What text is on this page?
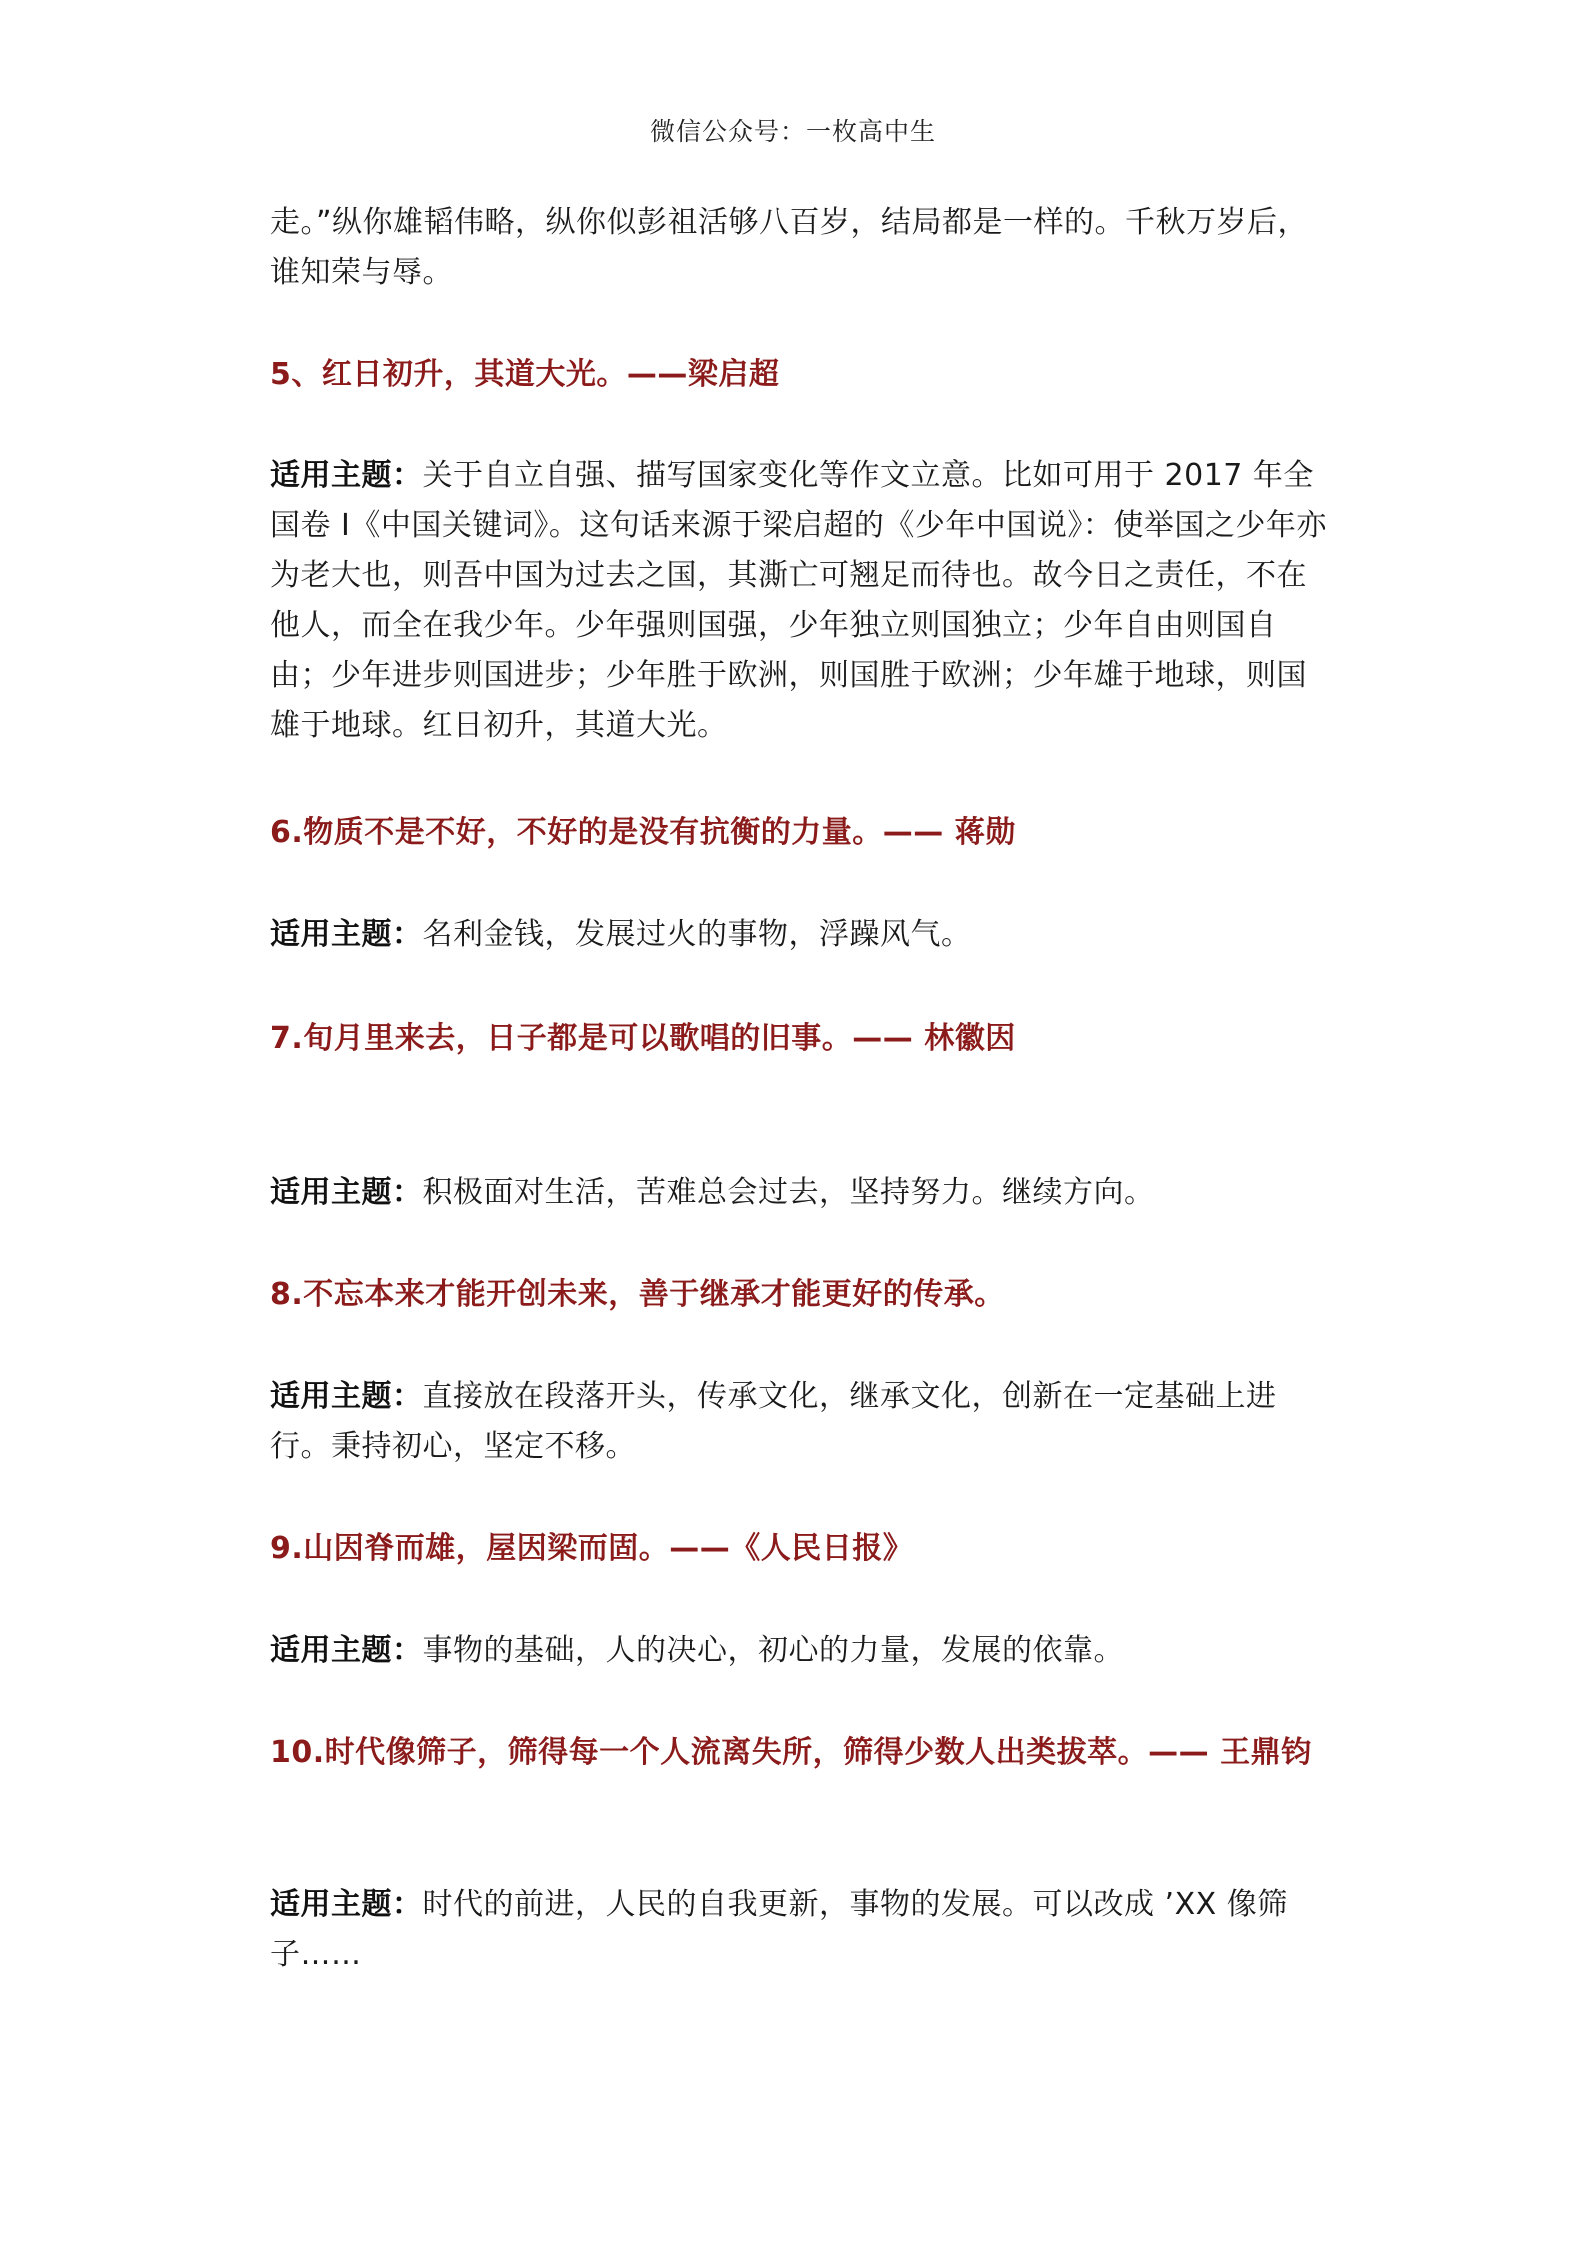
微信公众号：一枚高中生

走。”纵你雄韬伟略，纵你似彭祖活够八百岁，结局都是一样的。千秋万岁后，谁知荣与辱。

5、红日初升，其道大光。——梁启超

适用主题：关于自立自强、描写国家变化等作文立意。比如可用于 2017 年全国卷 I《中国关键词》。这句话来源于梁启超的《少年中国说》：使举国之少年亦为老大也，则吾中国为过去之国，其澌亡可翘足而待也。故今日之责任，不在他人，而全在我少年。少年强则国强，少年独立则国独立；少年自由则国自由；少年进步则国进步；少年胜于欧洲，则国胜于欧洲；少年雄于地球，则国雄于地球。红日初升，其道大光。

6.物质不是不好，不好的是没有抗衡的力量。—— 蒋勋

适用主题：名利金钱，发展过火的事物，浮躁风气。

7.旬月里来去，日子都是可以歌唱的旧事。—— 林徽因

适用主题：积极面对生活，苦难总会过去，坚持努力。继续方向。

8.不忘本来才能开创未来，善于继承才能更好的传承。

适用主题：直接放在段落开头，传承文化，继承文化，创新在一定基础上进行。秉持初心，坚定不移。

9.山因脊而雄，屋因梁而固。——《人民日报》

适用主题：事物的基础，人的决心，初心的力量，发展的依靠。

10.时代像筛子，筛得每一个人流离失所，筛得少数人出类拔萃。—— 王鼎钧

适用主题：时代的前进，人民的自我更新，事物的发展。可以改成 ’XX 像筛子……
